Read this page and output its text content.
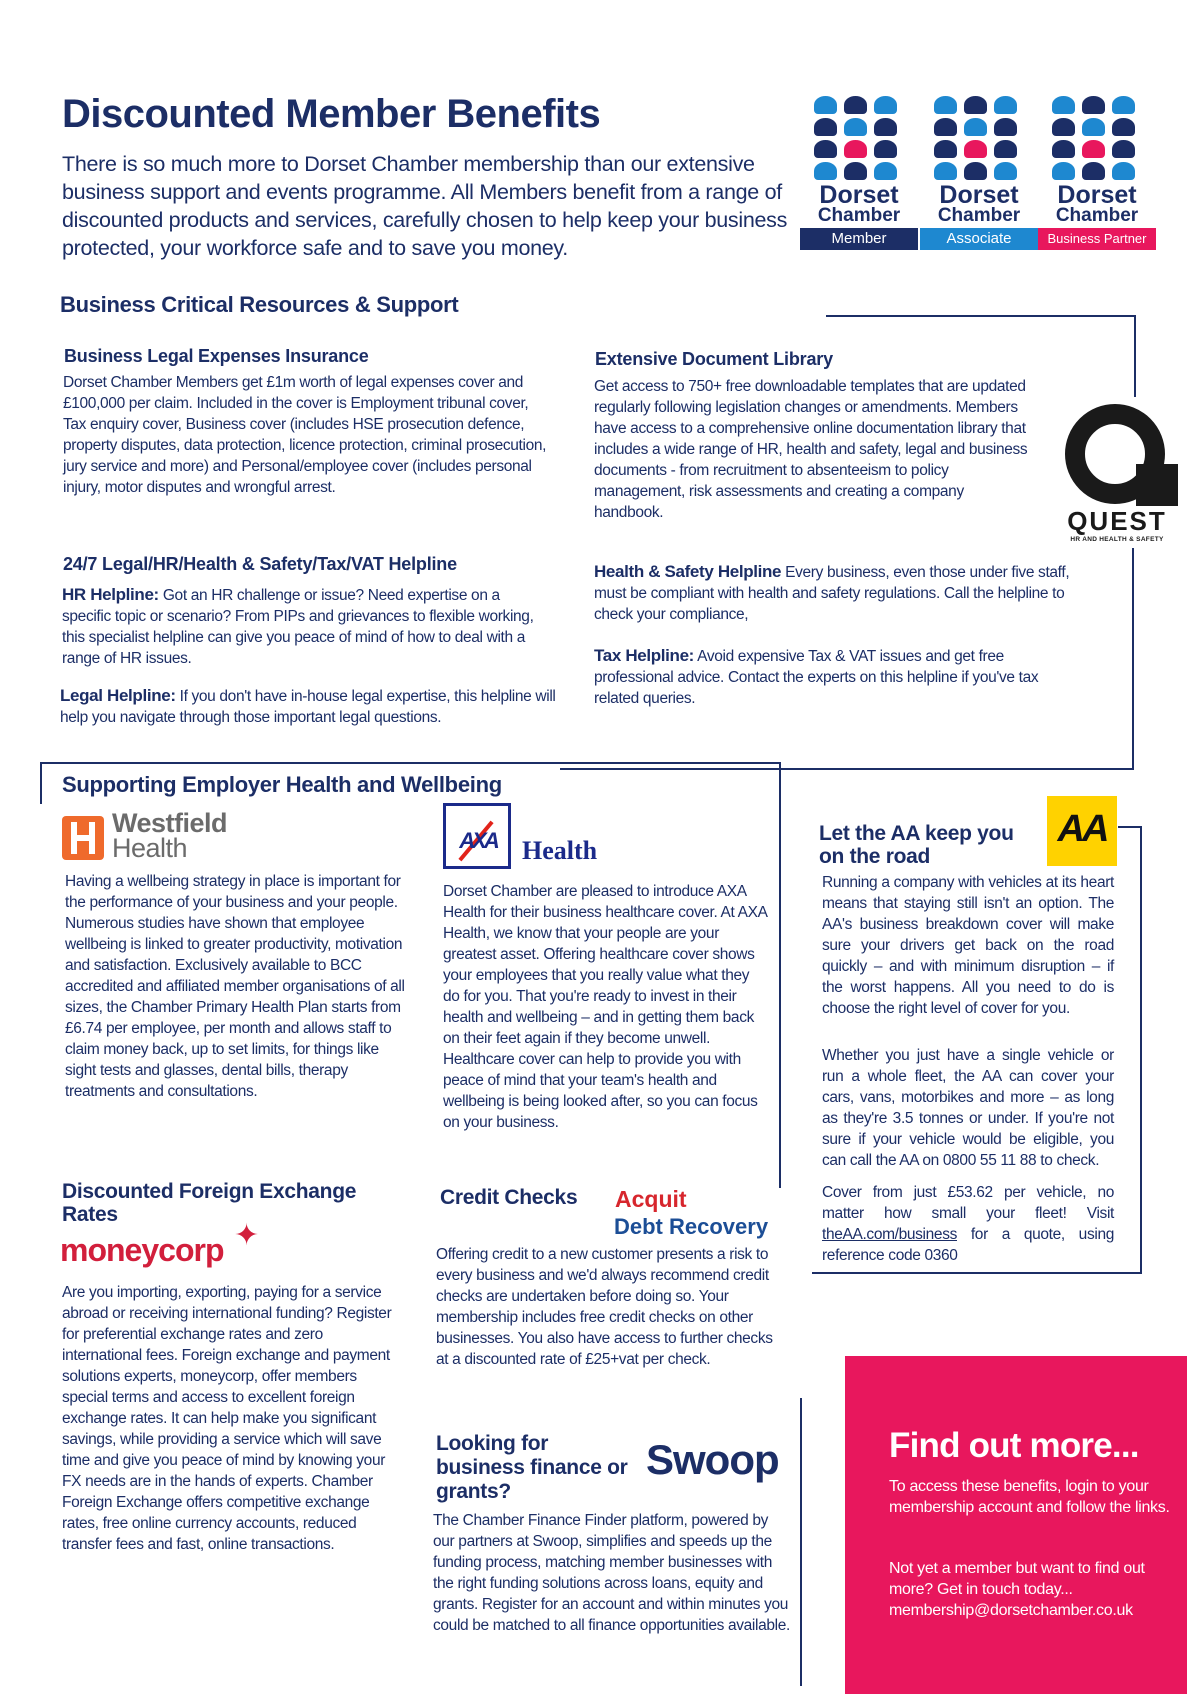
Discounted Member Benefits
There is so much more to Dorset Chamber membership than our extensive business support and events programme. All Members benefit from a range of discounted products and services, carefully chosen to help keep your business protected, your workforce safe and to save you money.
Dorset
Chamber
Member
Dorset
Chamber
Associate
Dorset
Chamber
Business Partner
Business Critical Resources & Support
Business Legal Expenses Insurance
Dorset Chamber Members get £1m worth of legal expenses cover and £100,000 per claim. Included in the cover is Employment tribunal cover, Tax enquiry cover, Business cover (includes HSE prosecution defence, property disputes, data protection, licence protection, criminal prosecution, jury service and more) and Personal/employee cover (includes personal injury, motor disputes and wrongful arrest.
Extensive Document Library
Get access to 750+ free downloadable templates that are updated regularly following legislation changes or amendments. Members have access to a comprehensive online documentation library that includes a wide range of HR, health and safety, legal and business documents - from recruitment to absenteeism to policy management, risk assessments and creating a company handbook.	QUEST
HR AND HEALTH & SAFETY
24/7 Legal/HR/Health & Safety/Tax/VAT Helpline
HR Helpline: Got an HR challenge or issue? Need expertise on a specific topic or scenario? From PIPs and grievances to flexible working, this specialist helpline can give you peace of mind of how to deal with a range of HR issues.
Legal Helpline: If you don't have in-house legal expertise, this helpline will help you navigate through those important legal questions.
Health & Safety Helpline Every business, even those under five staff, must be compliant with health and safety regulations. Call the helpline to check your compliance,
Tax Helpline: Avoid expensive Tax & VAT issues and get free professional advice. Contact the experts on this helpline if you've tax related queries.
Supporting Employer Health and Wellbeing
Westfield
Health
Having a wellbeing strategy in place is important for the performance of your business and your people. Numerous studies have shown that employee wellbeing is linked to greater productivity, motivation and satisfaction. Exclusively available to BCC accredited and affiliated member organisations of all sizes, the Chamber Primary Health Plan starts from £6.74 per employee, per month and allows staff to claim money back, up to set limits, for things like sight tests and glasses, dental bills, therapy treatments and consultations.
AXA Health
Dorset Chamber are pleased to introduce AXA Health for their business healthcare cover. At AXA Health, we know that your people are your greatest asset. Offering healthcare cover shows your employees that you really value what they do for you. That you're ready to invest in their health and wellbeing – and in getting them back on their feet again if they become unwell. Healthcare cover can help to provide you with peace of mind that your team's health and wellbeing is being looked after, so you can focus on your business.
Let the AA keep you on the road
AA
Running a company with vehicles at its heart means that staying still isn't an option. The AA's business breakdown cover will make sure your drivers get back on the road quickly – and with minimum disruption – if the worst happens. All you need to do is choose the right level of cover for you.
Whether you just have a single vehicle or run a whole fleet, the AA can cover your cars, vans, motorbikes and more – as long as they're 3.5 tonnes or under. If you're not sure if your vehicle would be eligible, you can call the AA on 0800 55 11 88 to check.
Cover from just £53.62 per vehicle, no matter how small your fleet! Visit theAA.com/business for a quote, using reference code 0360
Discounted Foreign Exchange Rates
moneycorp ✦
Are you importing, exporting, paying for a service abroad or receiving international funding? Register for preferential exchange rates and zero international fees. Foreign exchange and payment solutions experts, moneycorp, offer members special terms and access to excellent foreign exchange rates. It can help make you significant savings, while providing a service which will save time and give you peace of mind by knowing your FX needs are in the hands of experts. Chamber Foreign Exchange offers competitive exchange rates, free online currency accounts, reduced transfer fees and fast, online transactions.
Credit Checks Acquit
Debt Recovery
Offering credit to a new customer presents a risk to every business and we'd always recommend credit checks are undertaken before doing so. Your membership includes free credit checks on other businesses. You also have access to further checks at a discounted rate of £25+vat per check.
Looking for business finance or grants?
Swoop
The Chamber Finance Finder platform, powered by our partners at Swoop, simplifies and speeds up the funding process, matching member businesses with the right funding solutions across loans, equity and grants. Register for an account and within minutes you could be matched to all finance opportunities available.
Find out more...
To access these benefits, login to your membership account and follow the links.
Not yet a member but want to find out more? Get in touch today... membership@dorsetchamber.co.uk
